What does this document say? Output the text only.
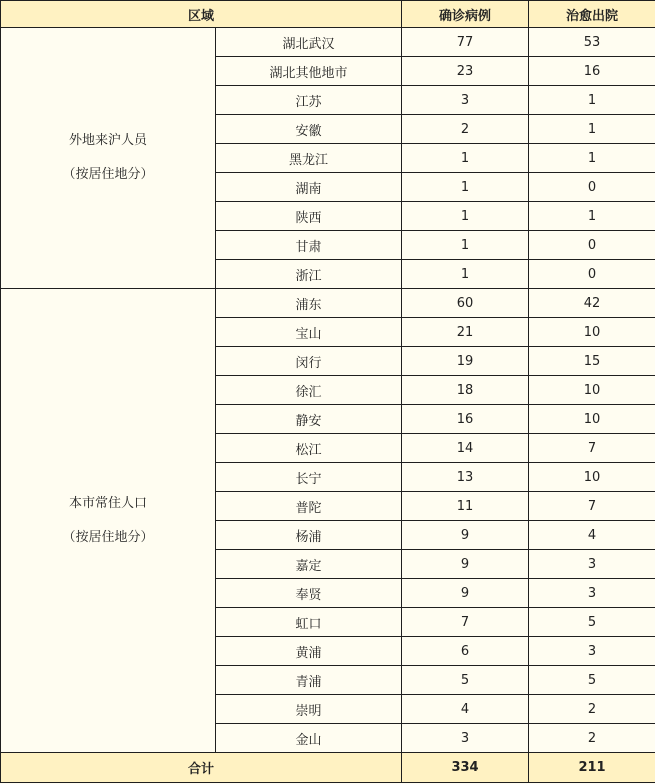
区域		确诊病例	治愈出院

外地来沪人员
（按居住地分）	湖北武汉	77	53
	湖北其他地市	23	16
	江苏	3	1
	安徽	2	1
	黑龙江	1	1
	湖南	1	0
	陕西	1	1
	甘肃	1	0
	浙江	1	0

本市常住人口
（按居住地分）	浦东	60	42
	宝山	21	10
	闵行	19	15
	徐汇	18	10
	静安	16	10
	松江	14	7
	长宁	13	10
	普陀	11	7
	杨浦	9	4
	嘉定	9	3
	奉贤	9	3
	虹口	7	5
	黄浦	6	3
	青浦	5	5
	崇明	4	2
	金山	3	2
合计		334	211
